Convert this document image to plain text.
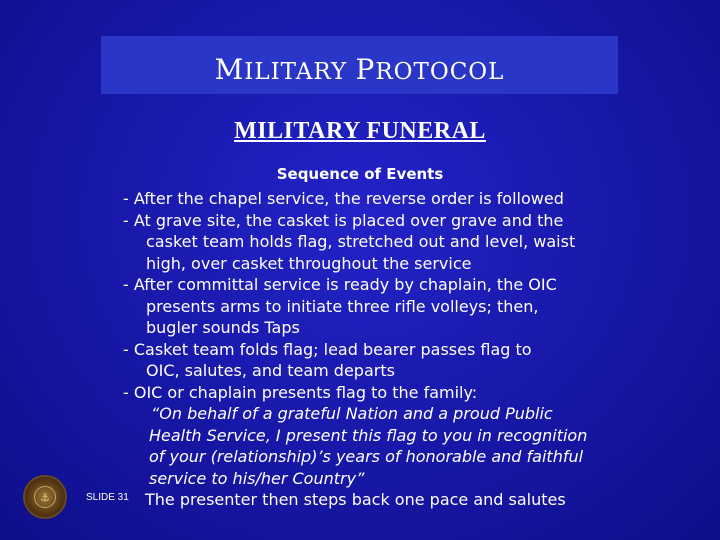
MILITARY PROTOCOL
MILITARY FUNERAL
Sequence of Events
- After the chapel service, the reverse order is followed
- At grave site, the casket is placed over grave and the
casket team holds flag, stretched out and level, waist
high, over casket throughout the service
- After committal service is ready by chaplain, the OIC
presents arms to initiate three rifle volleys; then,
bugler sounds Taps
- Casket team folds flag; lead bearer passes flag to
OIC, salutes, and team departs
- OIC or chaplain presents flag to the family:
“On behalf of a grateful Nation and a proud Public
Health Service, I present this flag to you in recognition
of your (relationship)’s years of honorable and faithful
service to his/her Country”
The presenter then steps back one pace and salutes
⚓	SLIDE 31
